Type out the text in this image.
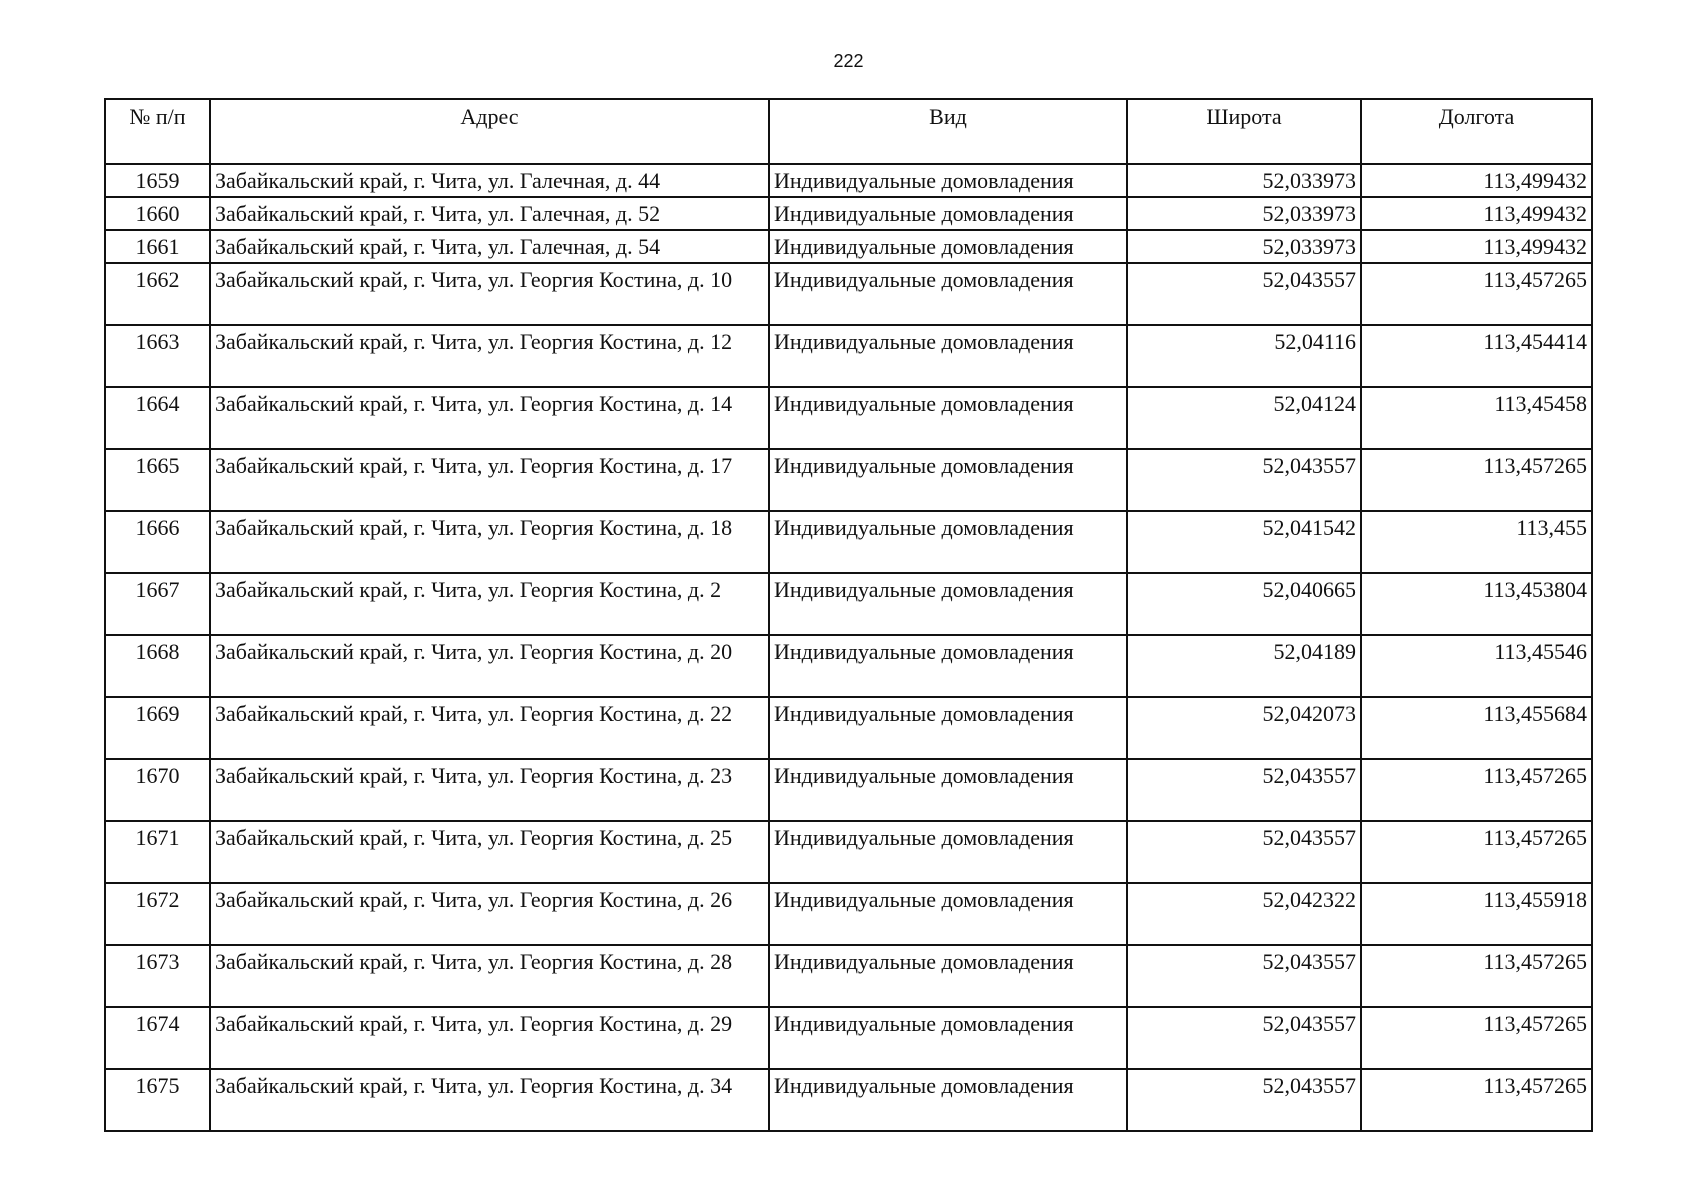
222
№ п/п	Адрес	Вид	Широта	Долгота
1659	Забайкальский край, г. Чита, ул. Галечная, д. 44	Индивидуальные домовладения	52,033973	113,499432
1660	Забайкальский край, г. Чита, ул. Галечная, д. 52	Индивидуальные домовладения	52,033973	113,499432
1661	Забайкальский край, г. Чита, ул. Галечная, д. 54	Индивидуальные домовладения	52,033973	113,499432
1662	Забайкальский край, г. Чита, ул. Георгия Костина, д. 10	Индивидуальные домовладения	52,043557	113,457265
1663	Забайкальский край, г. Чита, ул. Георгия Костина, д. 12	Индивидуальные домовладения	52,04116	113,454414
1664	Забайкальский край, г. Чита, ул. Георгия Костина, д. 14	Индивидуальные домовладения	52,04124	113,45458
1665	Забайкальский край, г. Чита, ул. Георгия Костина, д. 17	Индивидуальные домовладения	52,043557	113,457265
1666	Забайкальский край, г. Чита, ул. Георгия Костина, д. 18	Индивидуальные домовладения	52,041542	113,455
1667	Забайкальский край, г. Чита, ул. Георгия Костина, д. 2	Индивидуальные домовладения	52,040665	113,453804
1668	Забайкальский край, г. Чита, ул. Георгия Костина, д. 20	Индивидуальные домовладения	52,04189	113,45546
1669	Забайкальский край, г. Чита, ул. Георгия Костина, д. 22	Индивидуальные домовладения	52,042073	113,455684
1670	Забайкальский край, г. Чита, ул. Георгия Костина, д. 23	Индивидуальные домовладения	52,043557	113,457265
1671	Забайкальский край, г. Чита, ул. Георгия Костина, д. 25	Индивидуальные домовладения	52,043557	113,457265
1672	Забайкальский край, г. Чита, ул. Георгия Костина, д. 26	Индивидуальные домовладения	52,042322	113,455918
1673	Забайкальский край, г. Чита, ул. Георгия Костина, д. 28	Индивидуальные домовладения	52,043557	113,457265
1674	Забайкальский край, г. Чита, ул. Георгия Костина, д. 29	Индивидуальные домовладения	52,043557	113,457265
1675	Забайкальский край, г. Чита, ул. Георгия Костина, д. 34	Индивидуальные домовладения	52,043557	113,457265
